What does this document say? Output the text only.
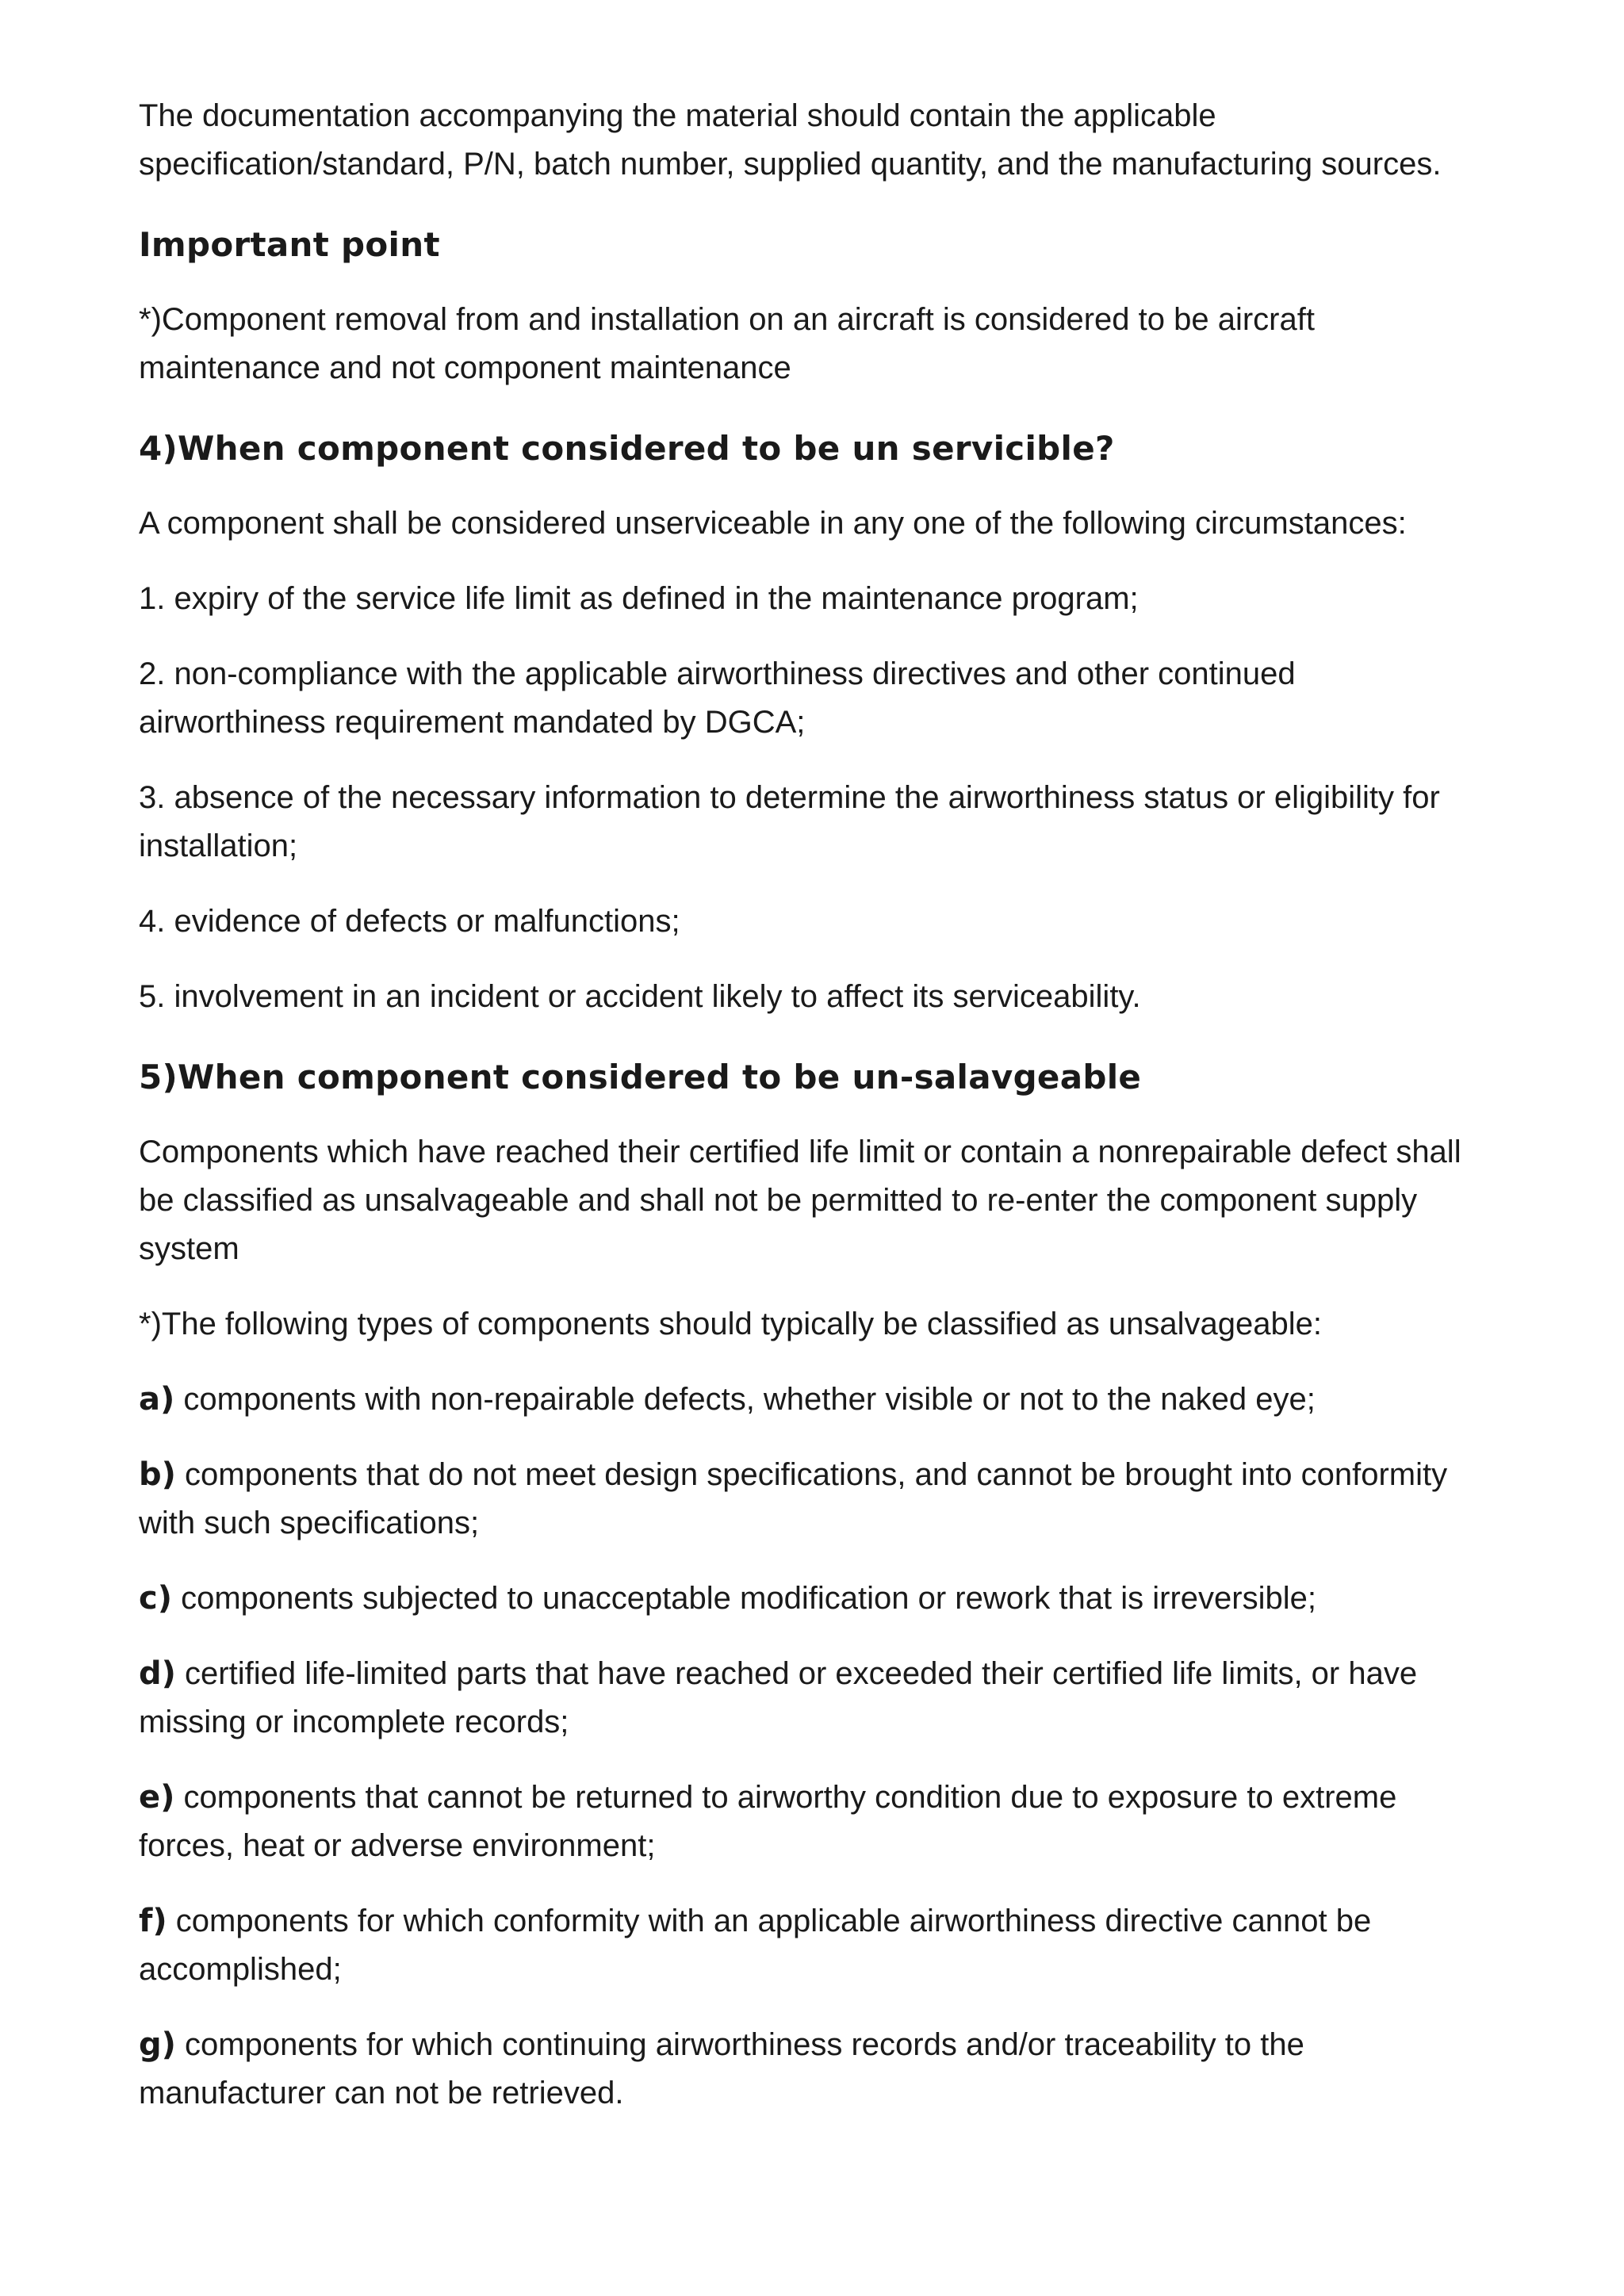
The documentation accompanying the material should contain the applicable specification/standard, P/N, batch number, supplied quantity, and the manufacturing sources.

Important point

*)Component removal from and installation on an aircraft is considered to be aircraft maintenance and not component maintenance

4)When component considered to be un servicible?

A component shall be considered unserviceable in any one of the following circumstances:

1. expiry of the service life limit as defined in the maintenance program;

2. non-compliance with the applicable airworthiness directives and other continued airworthiness requirement mandated by DGCA;

3. absence of the necessary information to determine the airworthiness status or eligibility for installation;

4. evidence of defects or malfunctions;

5. involvement in an incident or accident likely to affect its serviceability.

5)When component considered to be un-salavgeable

Components which have reached their certified life limit or contain a nonrepairable defect shall be classified as unsalvageable and shall not be permitted to re-enter the component supply system

*)The following types of components should typically be classified as unsalvageable:

a) components with non-repairable defects, whether visible or not to the naked eye;

b) components that do not meet design specifications, and cannot be brought into conformity with such specifications;

c) components subjected to unacceptable modification or rework that is irreversible;

d) certified life-limited parts that have reached or exceeded their certified life limits, or have missing or incomplete records;

e) components that cannot be returned to airworthy condition due to exposure to extreme forces, heat or adverse environment;

f) components for which conformity with an applicable airworthiness directive cannot be accomplished;

g) components for which continuing airworthiness records and/or traceability to the manufacturer can not be retrieved.
